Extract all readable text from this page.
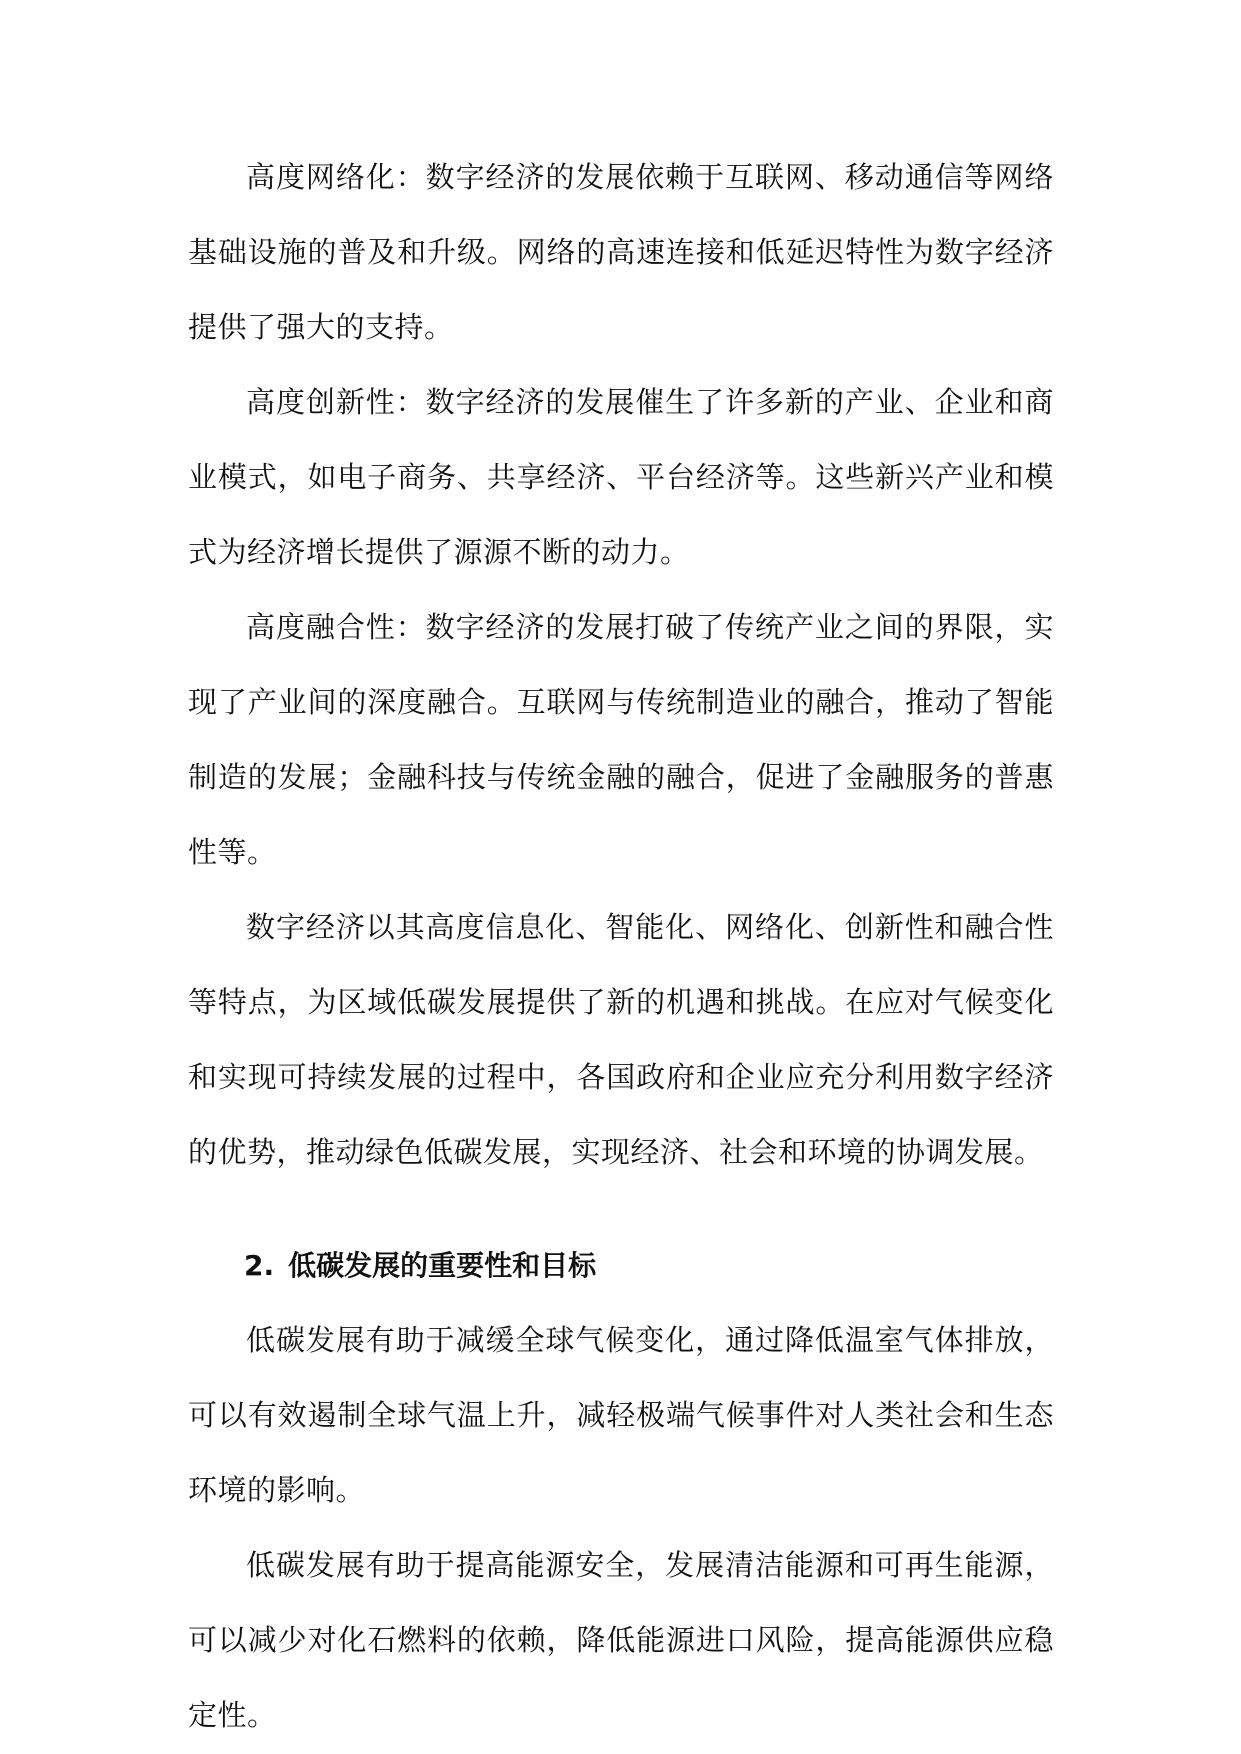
高度网络化：数字经济的发展依赖于互联网、移动通信等网络基础设施的普及和升级。网络的高速连接和低延迟特性为数字经济提供了强大的支持。

高度创新性：数字经济的发展催生了许多新的产业、企业和商业模式，如电子商务、共享经济、平台经济等。这些新兴产业和模式为经济增长提供了源源不断的动力。

高度融合性：数字经济的发展打破了传统产业之间的界限，实现了产业间的深度融合。互联网与传统制造业的融合，推动了智能制造的发展；金融科技与传统金融的融合，促进了金融服务的普惠性等。

数字经济以其高度信息化、智能化、网络化、创新性和融合性等特点，为区域低碳发展提供了新的机遇和挑战。在应对气候变化和实现可持续发展的过程中，各国政府和企业应充分利用数字经济的优势，推动绿色低碳发展，实现经济、社会和环境的协调发展。

2. 低碳发展的重要性和目标

低碳发展有助于减缓全球气候变化，通过降低温室气体排放，可以有效遏制全球气温上升，减轻极端气候事件对人类社会和生态环境的影响。

低碳发展有助于提高能源安全，发展清洁能源和可再生能源，可以减少对化石燃料的依赖，降低能源进口风险，提高能源供应稳定性。
